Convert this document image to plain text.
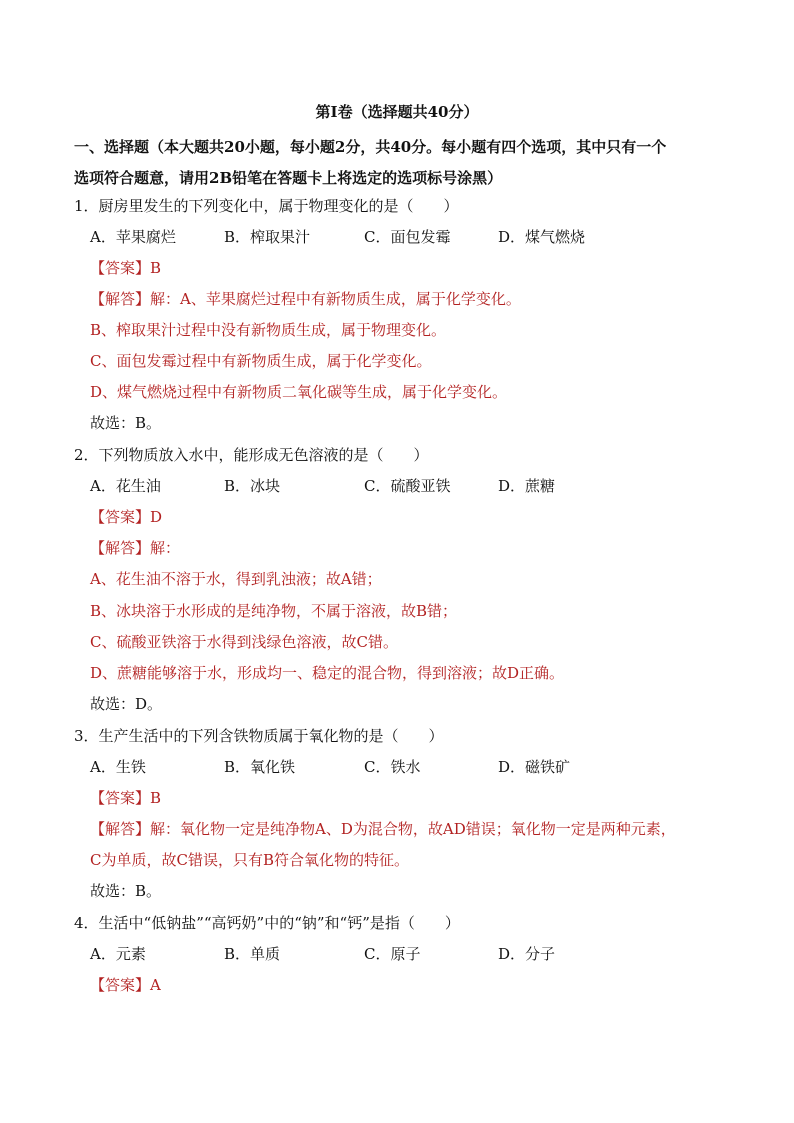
第Ⅰ卷（选择题共40分）
一、选择题（本大题共20小题，每小题2分，共40分。每小题有四个选项，其中只有一个
选项符合题意，请用2B铅笔在答题卡上将选定的选项标号涂黑）
1．厨房里发生的下列变化中，属于物理变化的是（　　）
A．苹果腐烂	B．榨取果汁	C．面包发霉	D．煤气燃烧
【答案】B
【解答】解：A、苹果腐烂过程中有新物质生成，属于化学变化。
B、榨取果汁过程中没有新物质生成，属于物理变化。
C、面包发霉过程中有新物质生成，属于化学变化。
D、煤气燃烧过程中有新物质二氧化碳等生成，属于化学变化。
故选：B。
2．下列物质放入水中，能形成无色溶液的是（　　）
A．花生油	B．冰块	C．硫酸亚铁	D．蔗糖
【答案】D
【解答】解：
A、花生油不溶于水，得到乳浊液；故A错；
B、冰块溶于水形成的是纯净物，不属于溶液，故B错；
C、硫酸亚铁溶于水得到浅绿色溶液，故C错。
D、蔗糖能够溶于水，形成均一、稳定的混合物，得到溶液；故D正确。
故选：D。
3．生产生活中的下列含铁物质属于氧化物的是（　　）
A．生铁	B．氧化铁	C．铁水	D．磁铁矿
【答案】B
【解答】解：氧化物一定是纯净物A、D为混合物，故AD错误；氧化物一定是两种元素，
C为单质，故C错误，只有B符合氧化物的特征。
故选：B。
4．生活中“低钠盐”“高钙奶”中的“钠”和“钙”是指（　　）
A．元素	B．单质	C．原子	D．分子
【答案】A
